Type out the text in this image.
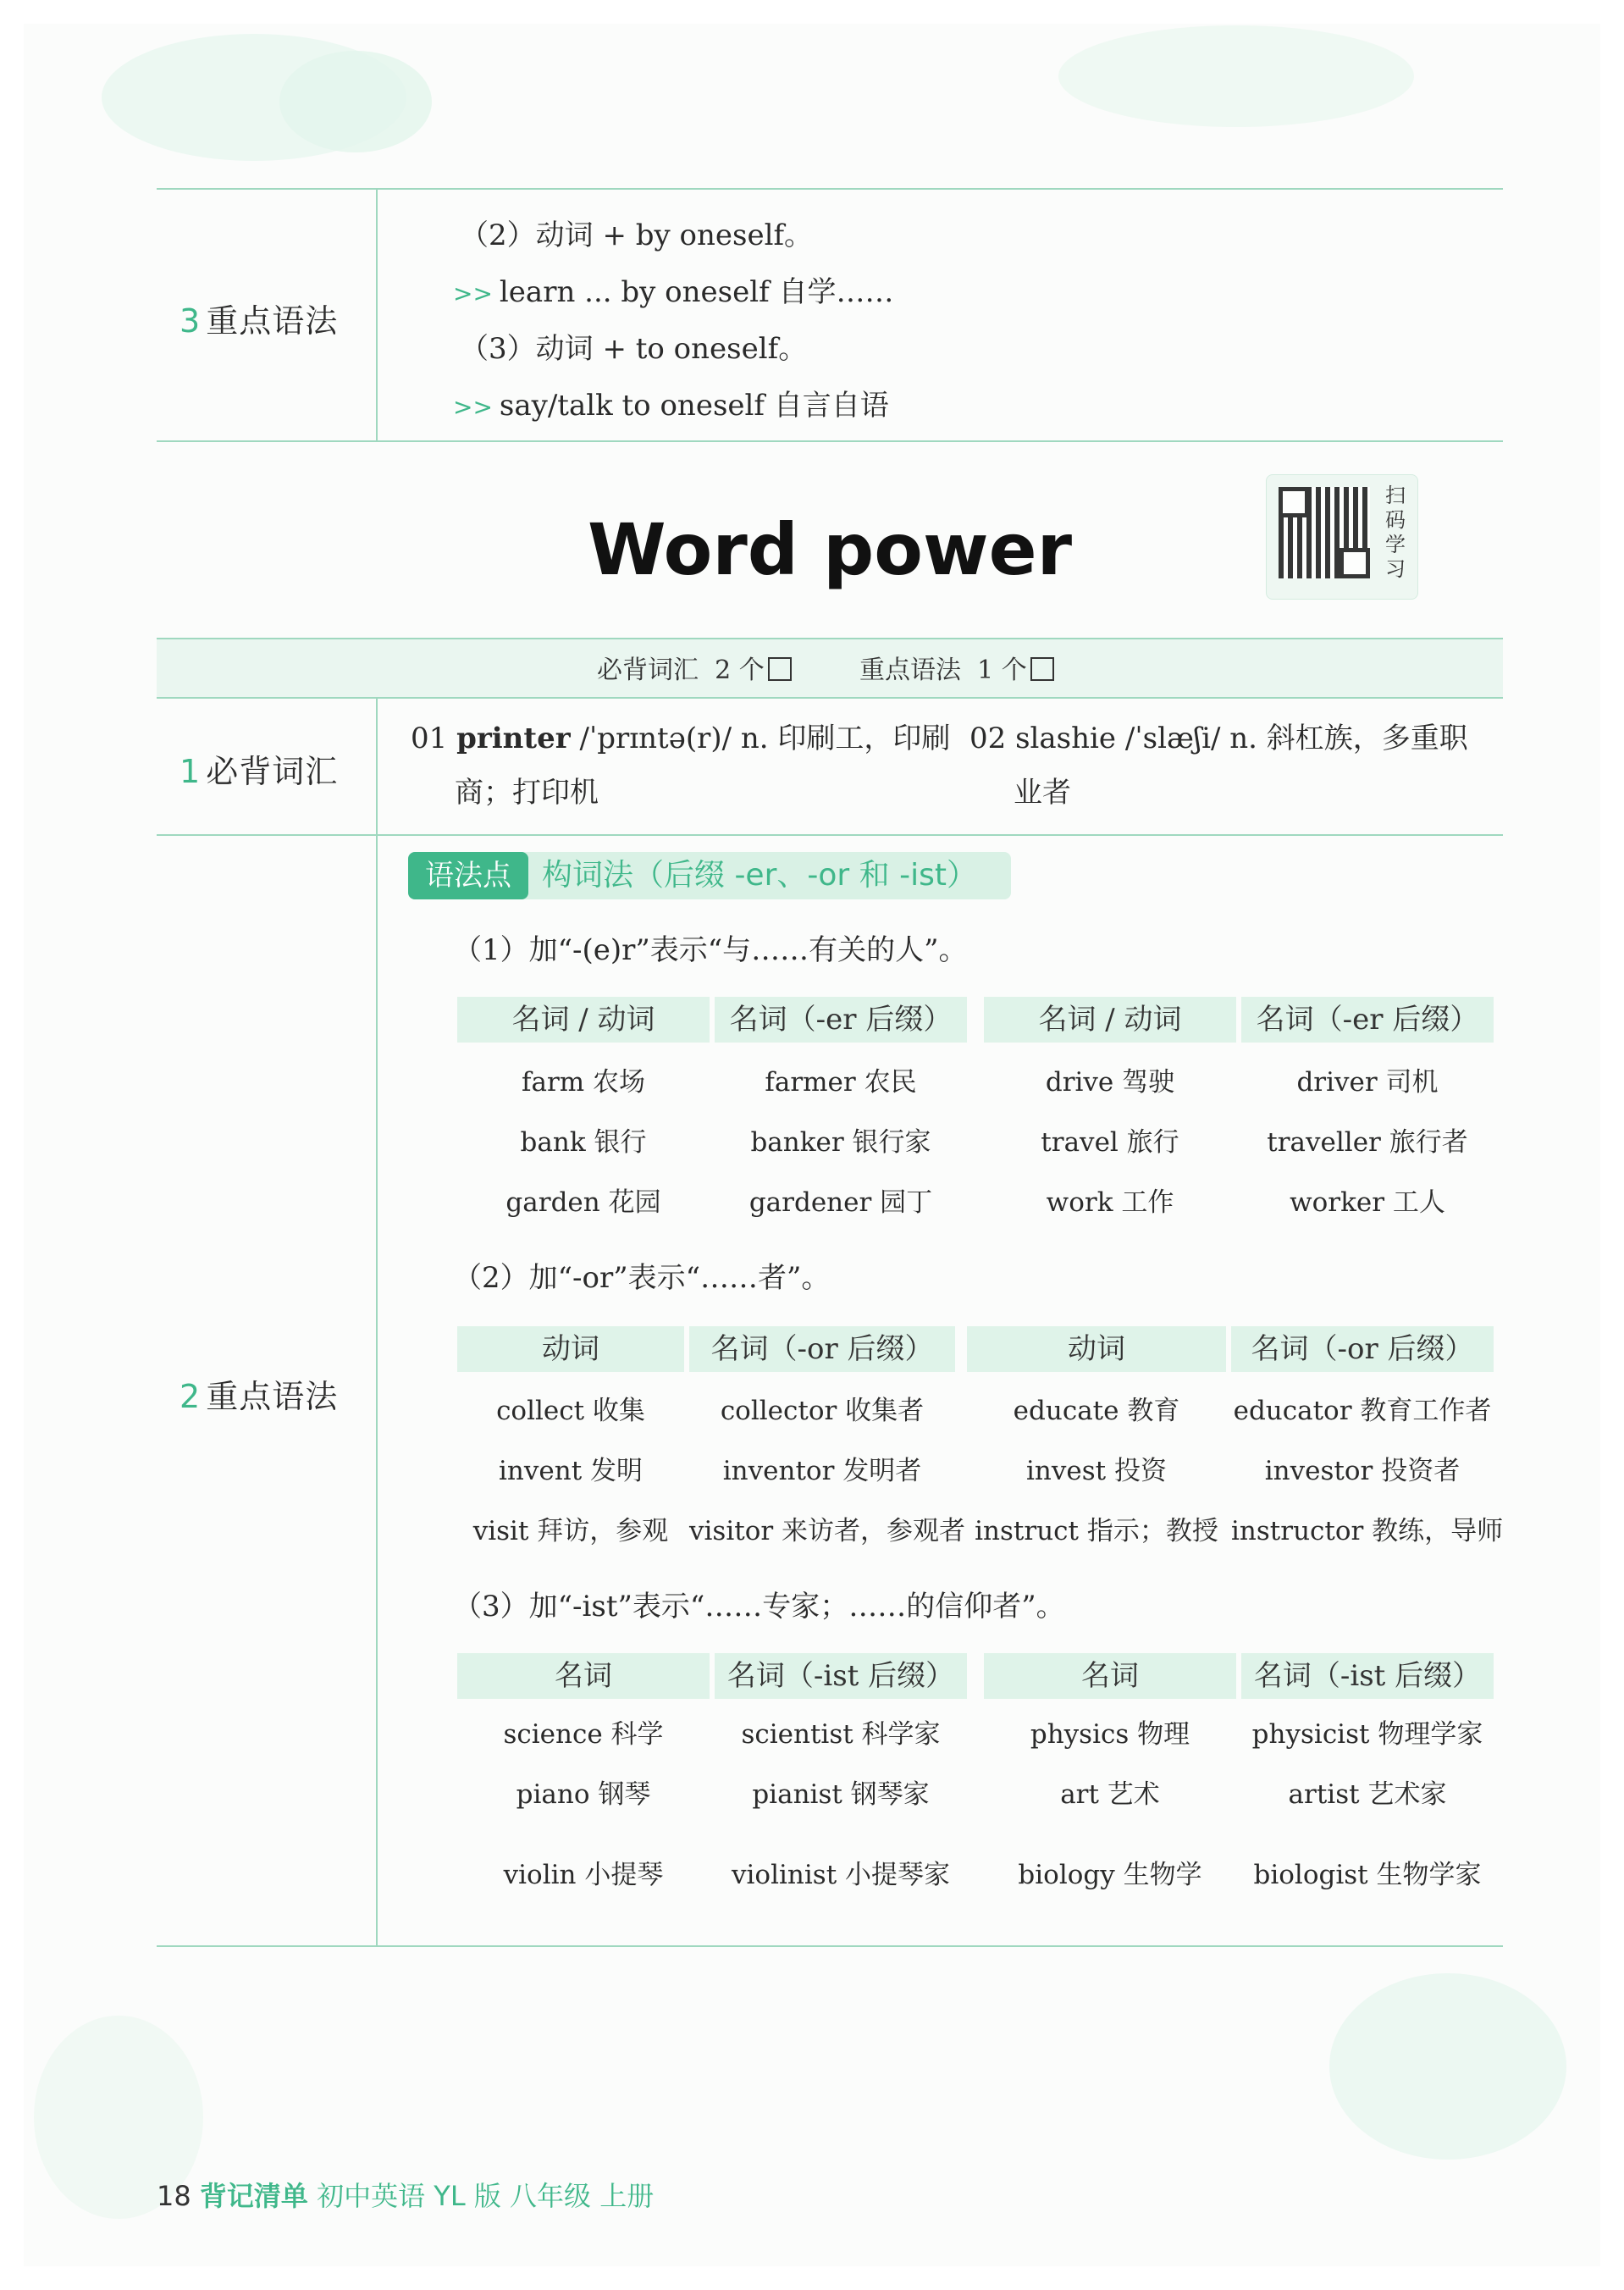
3 重点语法
（2）动词 + by oneself。
>> learn ... by oneself 自学……
（3）动词 + to oneself。
>> say/talk to oneself 自言自语
Word power
扫码学习
必背词汇 2 个	重点语法 1 个
1 必背词汇
01 printer /ˈprɪntə(r)/ n. 印刷工，印刷
商；打印机
02 slashie /ˈslæʃi/ n. 斜杠族，多重职
业者
2 重点语法
语法点	构词法（后缀 -er、-or 和 -ist）
（1）加“-(e)r”表示“与……有关的人”。
名词 / 动词	名词（-er 后缀）	名词 / 动词	名词（-er 后缀）
farm 农场	farmer 农民	drive 驾驶	driver 司机
bank 银行	banker 银行家	travel 旅行	traveller 旅行者
garden 花园	gardener 园丁	work 工作	worker 工人
（2）加“-or”表示“……者”。
动词	名词（-or 后缀）	动词	名词（-or 后缀）
collect 收集	collector 收集者	educate 教育	educator 教育工作者
invent 发明	inventor 发明者	invest 投资	investor 投资者
visit 拜访，参观 visitor 来访者，参观者 instruct 指示；教授 instructor 教练，导师
（3）加“-ist”表示“……专家；……的信仰者”。
名词	名词（-ist 后缀）	名词	名词（-ist 后缀）
science 科学	scientist 科学家	physics 物理	physicist 物理学家
piano 钢琴	pianist 钢琴家	art 艺术	artist 艺术家
violin 小提琴	violinist 小提琴家	biology 生物学	biologist 生物学家
18 背记清单 初中英语 YL 版 八年级 上册
